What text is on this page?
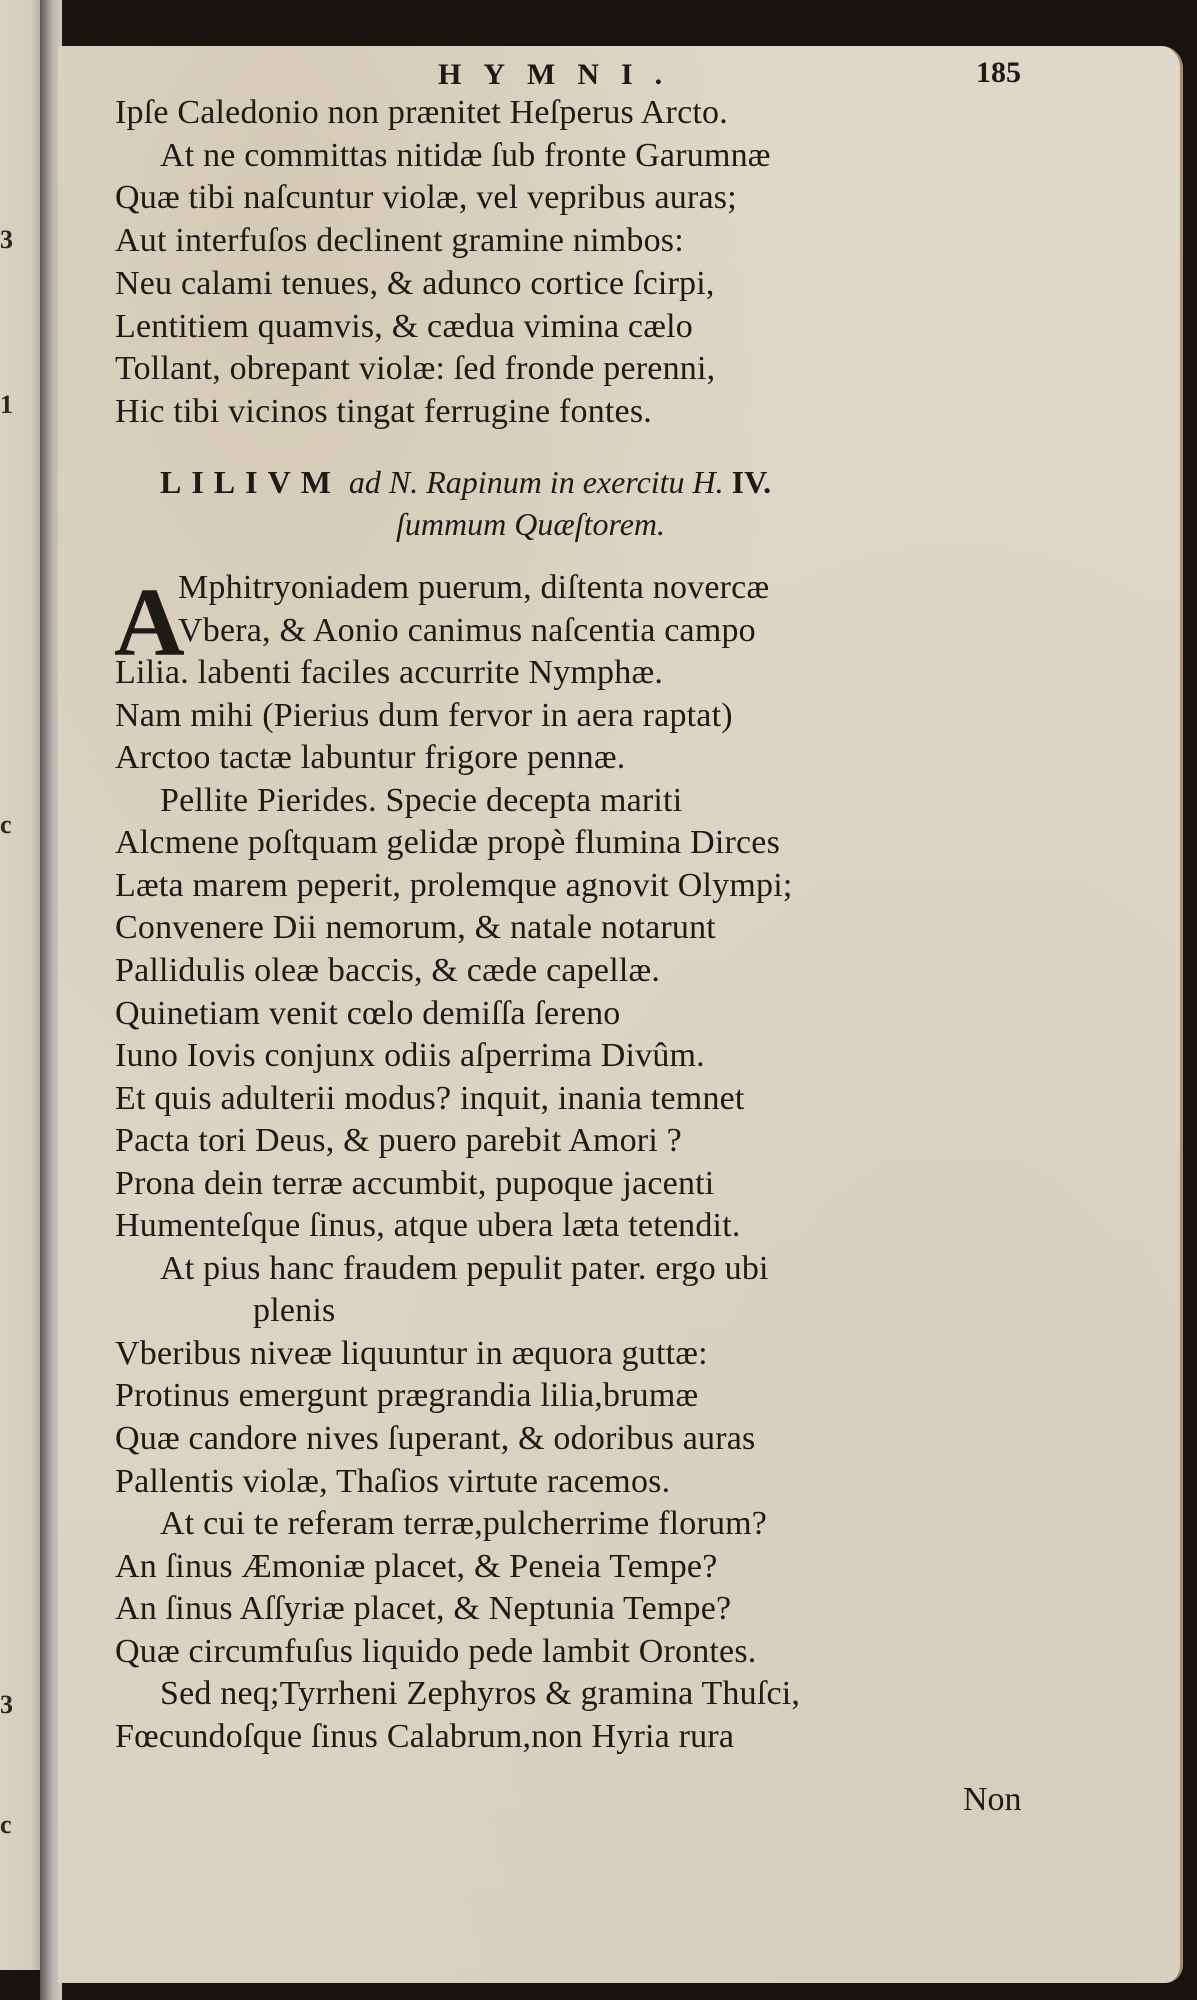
3
1
c
3
c
HYMNI.	185
Ipſe Caledonio non prænitet Heſperus Arcto.
At ne committas nitidæ ſub fronte Garumnæ
Quæ tibi naſcuntur violæ, vel vepribus auras;
Aut interfuſos declinent gramine nimbos:
Neu calami tenues, & adunco cortice ſcirpi,
Lentitiem quamvis, & cædua vimina cælo
Tollant, obrepant violæ: ſed fronde perenni,
Hic tibi vicinos tingat ferrugine fontes.
LILIVM ad N. Rapinum in exercitu H. IV.
ſummum Quæſtorem.
A
Mphitryoniadem puerum, diſtenta novercæ
Vbera, & Aonio canimus naſcentia campo
Lilia. labenti faciles accurrite Nymphæ.
Nam mihi (Pierius dum fervor in aera raptat)
Arctoo tactæ labuntur frigore pennæ.
Pellite Pierides. Specie decepta mariti
Alcmene poſtquam gelidæ propè flumina Dirces
Læta marem peperit, prolemque agnovit Olympi;
Convenere Dii nemorum, & natale notarunt
Pallidulis oleæ baccis, & cæde capellæ.
Quinetiam venit cœlo demiſſa ſereno
Iuno Iovis conjunx odiis aſperrima Divûm.
Et quis adulterii modus? inquit, inania temnet
Pacta tori Deus, & puero parebit Amori ?
Prona dein terræ accumbit, pupoque jacenti
Humenteſque ſinus, atque ubera læta tetendit.
At pius hanc fraudem pepulit pater. ergo ubi
plenis
Vberibus niveæ liquuntur in æquora guttæ:
Protinus emergunt prægrandia lilia,brumæ
Quæ candore nives ſuperant, & odoribus auras
Pallentis violæ, Thaſios virtute racemos.
At cui te referam terræ,pulcherrime florum?
An ſinus Æmoniæ placet, & Peneia Tempe?
An ſinus Aſſyriæ placet, & Neptunia Tempe?
Quæ circumfuſus liquido pede lambit Orontes.
Sed neq;Tyrrheni Zephyros & gramina Thuſci,
Fœcundoſque ſinus Calabrum,non Hyria rura
Non
